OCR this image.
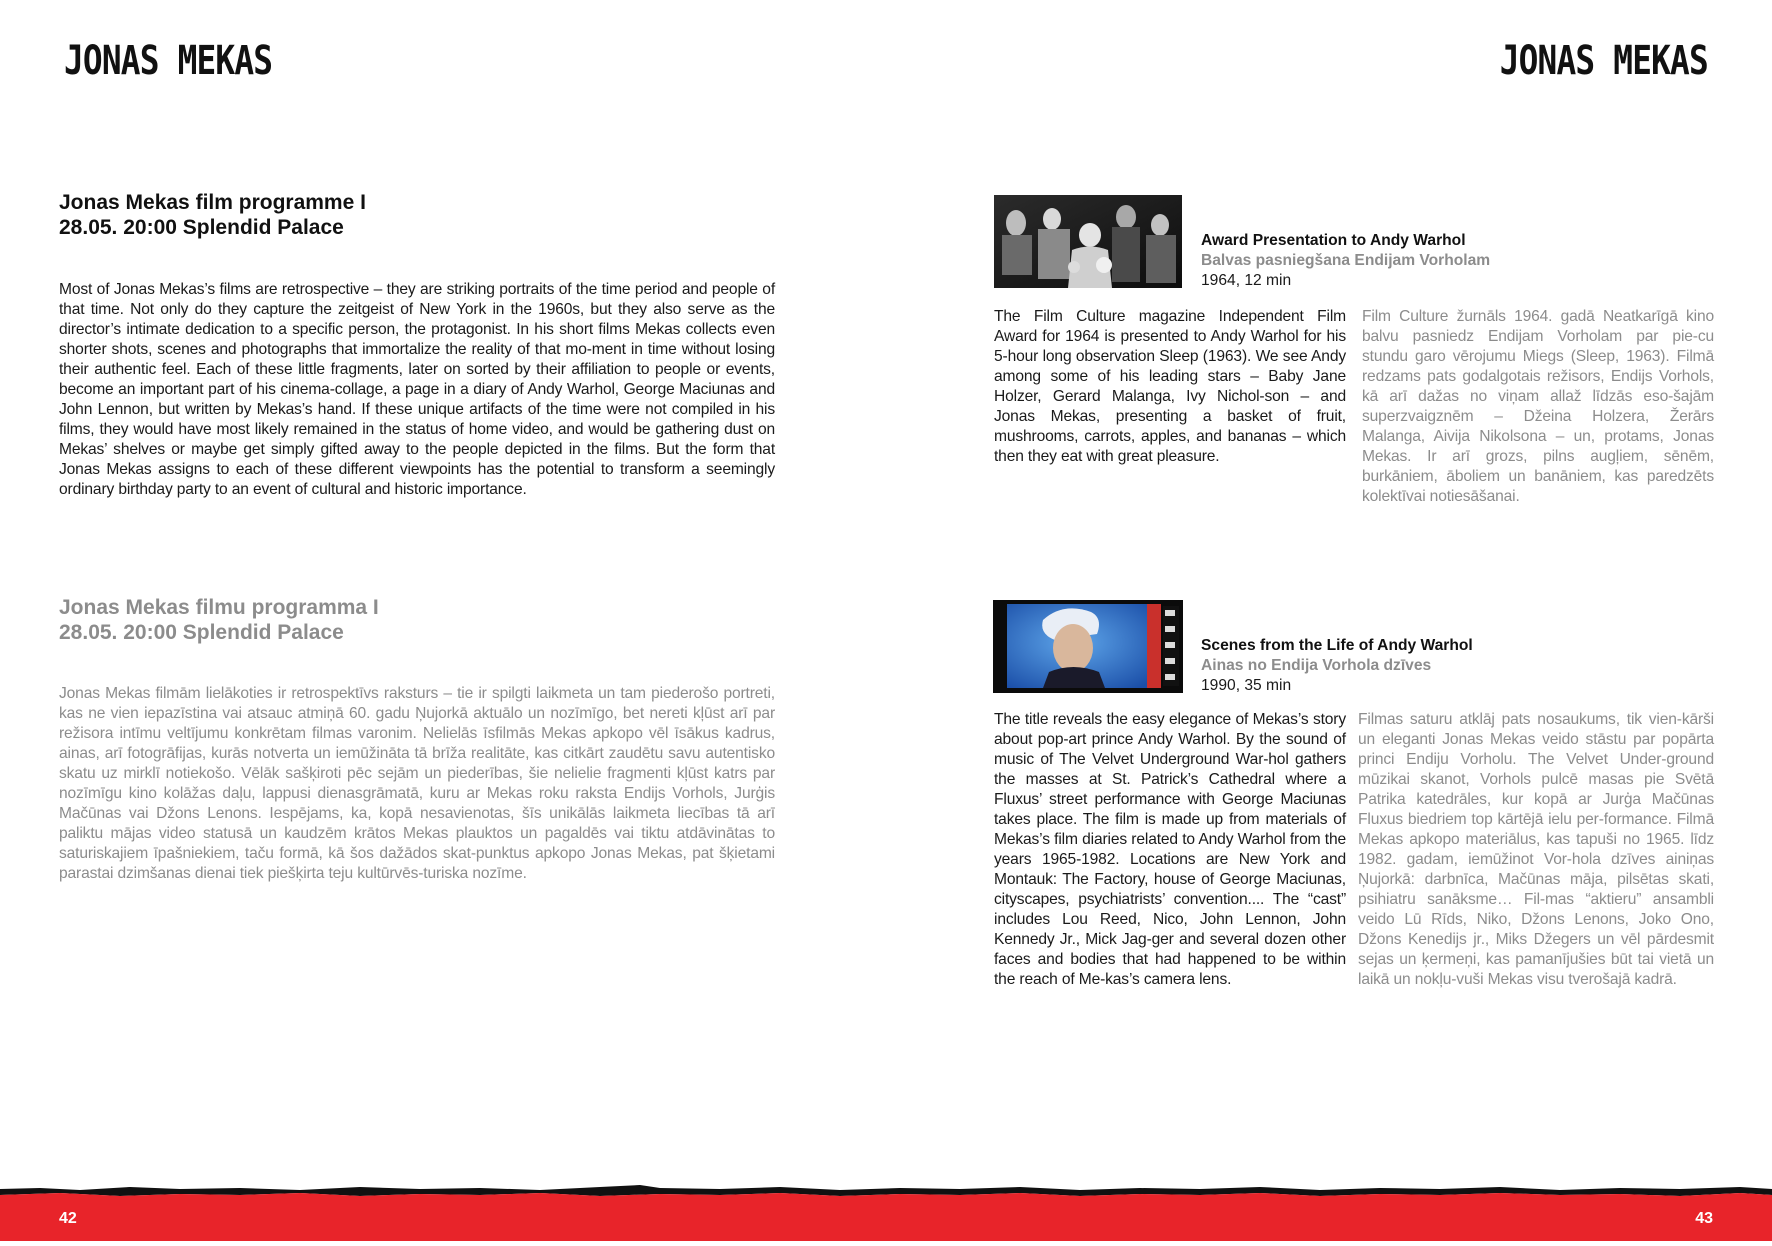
JONAS MEKAS	JONAS MEKAS
Jonas Mekas film programme I
28.05. 20:00 Splendid Palace
Most of Jonas Mekas’s films are retrospective – they are striking portraits of the time period and people of that time. Not only do they capture the zeitgeist of New York in the 1960s, but they also serve as the director’s intimate dedication to a specific person, the protagonist. In his short films Mekas collects even shorter shots, scenes and photographs that immortalize the reality of that mo-ment in time without losing their authentic feel. Each of these little fragments, later on sorted by their affiliation to people or events, become an important part of his cinema-collage, a page in a diary of Andy Warhol, George Maciunas and John Lennon, but written by Mekas’s hand. If these unique artifacts of the time were not compiled in his films, they would have most likely remained in the status of home video, and would be gathering dust on Mekas’ shelves or maybe get simply gifted away to the people depicted in the films. But the form that Jonas Mekas assigns to each of these different viewpoints has the potential to transform a seemingly ordinary birthday party to an event of cultural and historic importance.
Jonas Mekas filmu programma I
28.05. 20:00 Splendid Palace
Jonas Mekas filmām lielākoties ir retrospektīvs raksturs – tie ir spilgti laikmeta un tam piederošo portreti, kas ne vien iepazīstina vai atsauc atmiņā 60. gadu Ņujorkā aktuālo un nozīmīgo, bet nereti kļūst arī par režisora intīmu veltījumu konkrētam filmas varonim. Nelielās īsfilmās Mekas apkopo vēl īsākus kadrus, ainas, arī fotogrāfijas, kurās notverta un iemūžināta tā brīža realitāte, kas citkārt zaudētu savu autentisko skatu uz mirklī notiekošo. Vēlāk sašķiroti pēc sejām un piederības, šie nelielie fragmenti kļūst katrs par nozīmīgu kino kolāžas daļu, lappusi dienasgrāmatā, kuru ar Mekas roku raksta Endijs Vorhols, Jurģis Mačūnas vai Džons Lenons. Iespējams, ka, kopā nesavienotas, šīs unikālās laikmeta liecības tā arī paliktu mājas video statusā un kaudzēm krātos Mekas plauktos un pagaldēs vai tiktu atdāvinātas to saturiskajiem īpašniekiem, taču formā, kā šos dažādos skat-punktus apkopo Jonas Mekas, pat šķietami parastai dzimšanas dienai tiek piešķirta teju kultūrvēs-turiska nozīme.
Award Presentation to Andy Warhol
Balvas pasniegšana Endijam Vorholam
1964, 12 min
The Film Culture magazine Independent Film Award for 1964 is presented to Andy Warhol for his 5-hour long observation Sleep (1963). We see Andy among some of his leading stars – Baby Jane Holzer, Gerard Malanga, Ivy Nichol-son – and Jonas Mekas, presenting a basket of fruit, mushrooms, carrots, apples, and bananas – which then they eat with great pleasure.
Film Culture žurnāls 1964. gadā Neatkarīgā kino balvu pasniedz Endijam Vorholam par pie-cu stundu garo vērojumu Miegs (Sleep, 1963). Filmā redzams pats godalgotais režisors, Endijs Vorhols, kā arī dažas no viņam allaž līdzās eso-šajām superzvaigznēm – Džeina Holzera, Žerārs Malanga, Aivija Nikolsona – un, protams, Jonas Mekas. Ir arī grozs, pilns augļiem, sēnēm, burkāniem, āboliem un banāniem, kas paredzēts kolektīvai notiesāšanai.
Scenes from the Life of Andy Warhol
Ainas no Endija Vorhola dzīves
1990, 35 min
The title reveals the easy elegance of Mekas’s story about pop-art prince Andy Warhol. By the sound of music of The Velvet Underground War-hol gathers the masses at St. Patrick’s Cathedral where a Fluxus’ street performance with George Maciunas takes place. The film is made up from materials of Mekas’s film diaries related to Andy Warhol from the years 1965-1982. Locations are New York and Montauk: The Factory, house of George Maciunas, cityscapes, psychiatrists’ convention.... The “cast” includes Lou Reed, Nico, John Lennon, John Kennedy Jr., Mick Jag-ger and several dozen other faces and bodies that had happened to be within the reach of Me-kas’s camera lens.
Filmas saturu atklāj pats nosaukums, tik vien-kārši un eleganti Jonas Mekas veido stāstu par popārta princi Endiju Vorholu. The Velvet Under-ground mūzikai skanot, Vorhols pulcē masas pie Svētā Patrika katedrāles, kur kopā ar Jurģa Mačūnas Fluxus biedriem top kārtējā ielu per-formance. Filmā Mekas apkopo materiālus, kas tapuši no 1965. līdz 1982. gadam, iemūžinot Vor-hola dzīves ainiņas Ņujorkā: darbnīca, Mačūnas māja, pilsētas skati, psihiatru sanāksme… Fil-mas “aktieru” ansambli veido Lū Rīds, Niko, Džons Lenons, Joko Ono, Džons Kenedijs jr., Miks Džegers un vēl pārdesmit sejas un ķermeņi, kas pamanījušies būt tai vietā un laikā un nokļu-vuši Mekas visu tverošajā kadrā.
42	43
